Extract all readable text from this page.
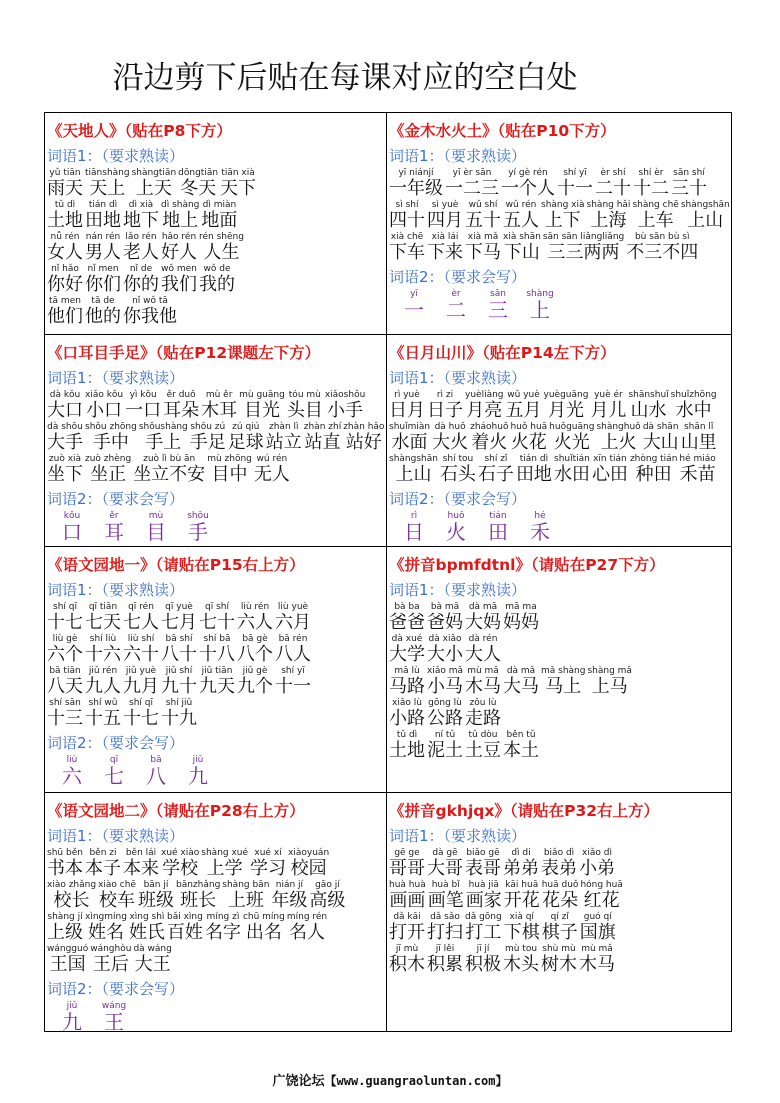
沿边剪下后贴在每课对应的空白处
《天地人》（贴在P8下方）
词语1：（要求熟读）
yǔ tiān
雨天
tiānshàng
天上
shàngtiān
上天
dōngtiān
冬天
tiān xià
天下
tǔ dì
土地
tián dì
田地
dì xià
地下
dì shàng
地上
dì miàn
地面
nǚ rén
女人
nán rén
男人
lǎo rén
老人
hǎo rén
好人
rén shēng
人生
nǐ hǎo
你好
nǐ men
你们
nǐ de
你的
wǒ men
我们
wǒ de
我的
tā men
他们
tā de
他的
nǐ wǒ tā
你我他
《金木水火土》（贴在P10下方）
词语1：（要求熟读）
yī niánjí
一年级
yī èr sān
一二三
yí gè rén
一个人
shí yī
十一
èr shí
二十
shí èr
十二
sān shí
三十
sì shí
四十
sì yuè
四月
wǔ shí
五十
wǔ rén
五人
shàng xià
上下
shàng hǎi
上海
shàng chē
上车
shàngshān
上山
xià chē
下车
xià lái
下来
xià mǎ
下马
xià shān
下山
sān sān liǎngliǎng
三三两两
bù sān bù sì
不三不四
词语2：（要求会写）
yī
一
èr
二
sān
三
shàng
上
《口耳目手足》（贴在P12课题左下方）
词语1：（要求熟读）
dà kǒu
大口
xiǎo kǒu
小口
yì kǒu
一口
ěr duǒ
耳朵
mù ěr
木耳
mù guāng
目光
tóu mù
头目
xiǎoshǒu
小手
dà shǒu
大手
shǒu zhōng
手中
shǒushàng
手上
shǒu zú
手足
zú qiú
足球
zhàn lì
站立
zhàn zhí
站直
zhàn hǎo
站好
zuò xià
坐下
zuò zhèng
坐正
zuò lì bù ān
坐立不安
mù zhōng
目中
wú rén
无人
词语2：（要求会写）
kǒu
口
ěr
耳
mù
目
shǒu
手
《日月山川》（贴在P14左下方）
词语1：（要求熟读）
rì yuè
日月
rì zi
日子
yuèliàng
月亮
wǔ yuè
五月
yuèguāng
月光
yuè ér
月儿
shānshuǐ
山水
shuǐzhōng
水中
shuǐmiàn
水面
dà huǒ
大火
zháohuǒ
着火
huǒ huā
火花
huǒguāng
火光
shànghuǒ
上火
dà shān
大山
shān lǐ
山里
shàngshān
上山
shí tou
石头
shí zǐ
石子
tián dì
田地
shuǐtián
水田
xīn tián
心田
zhòng tián
种田
hé miáo
禾苗
词语2：（要求会写）
rì
日
huǒ
火
tián
田
hé
禾
《语文园地一》（请贴在P15右上方）
词语1：（要求熟读）
shí qī
十七
qī tiān
七天
qī rén
七人
qī yuè
七月
qī shí
七十
liù rén
六人
liù yuè
六月
liù gè
六个
shí liù
十六
liù shí
六十
bā shí
八十
shí bā
十八
bā gè
八个
bā rén
八人
bā tiān
八天
jiǔ rén
九人
jiǔ yuè
九月
jiǔ shí
九十
jiǔ tiān
九天
jiǔ gè
九个
shí yī
十一
shí sān
十三
shí wǔ
十五
shí qī
十七
shí jiǔ
十九
词语2：（要求会写）
liù
六
qī
七
bā
八
jiǔ
九
《拼音bpmfdtnl》（请贴在P27下方）
词语1：（要求熟读）
bà ba
爸爸
bà mā
爸妈
dà mā
大妈
mā ma
妈妈
dà xué
大学
dà xiǎo
大小
dà rén
大人
mǎ lù
马路
xiǎo mǎ
小马
mù mǎ
木马
dà mǎ
大马
mǎ shàng
马上
shàng mǎ
上马
xiǎo lù
小路
gōng lù
公路
zǒu lù
走路
tǔ dì
土地
ní tǔ
泥土
tǔ dòu
土豆
běn tǔ
本土
《语文园地二》（请贴在P28右上方）
词语1：（要求熟读）
shū běn
书本
běn zi
本子
běn lái
本来
xué xiào
学校
shàng xué
上学
xué xí
学习
xiàoyuán
校园
xiào zhǎng
校长
xiào chē
校车
bān jí
班级
bānzhǎng
班长
shàng bān
上班
nián jí
年级
gāo jí
高级
shàng jí
上级
xìngmíng
姓名
xìng shì
姓氏
bǎi xìng
百姓
míng zì
名字
chū míng
出名
míng rén
名人
wángguó
王国
wánghòu
王后
dà wáng
大王
词语2：（要求会写）
jiǔ
九
wáng
王
《拼音gkhjqx》（请贴在P32右上方）
词语1：（要求熟读）
gē ge
哥哥
dà gē
大哥
biǎo gē
表哥
dì di
弟弟
biǎo dì
表弟
xiǎo dì
小弟
huà huà
画画
huà bǐ
画笔
huà jiā
画家
kāi huā
开花
huā duǒ
花朵
hóng huā
红花
dǎ kāi
打开
dǎ sǎo
打扫
dǎ gōng
打工
xià qí
下棋
qí zǐ
棋子
guó qí
国旗
jī mù
积木
jī lěi
积累
jī jí
积极
mù tou
木头
shù mù
树木
mù mǎ
木马
广饶论坛【www.guangraoluntan.com】
